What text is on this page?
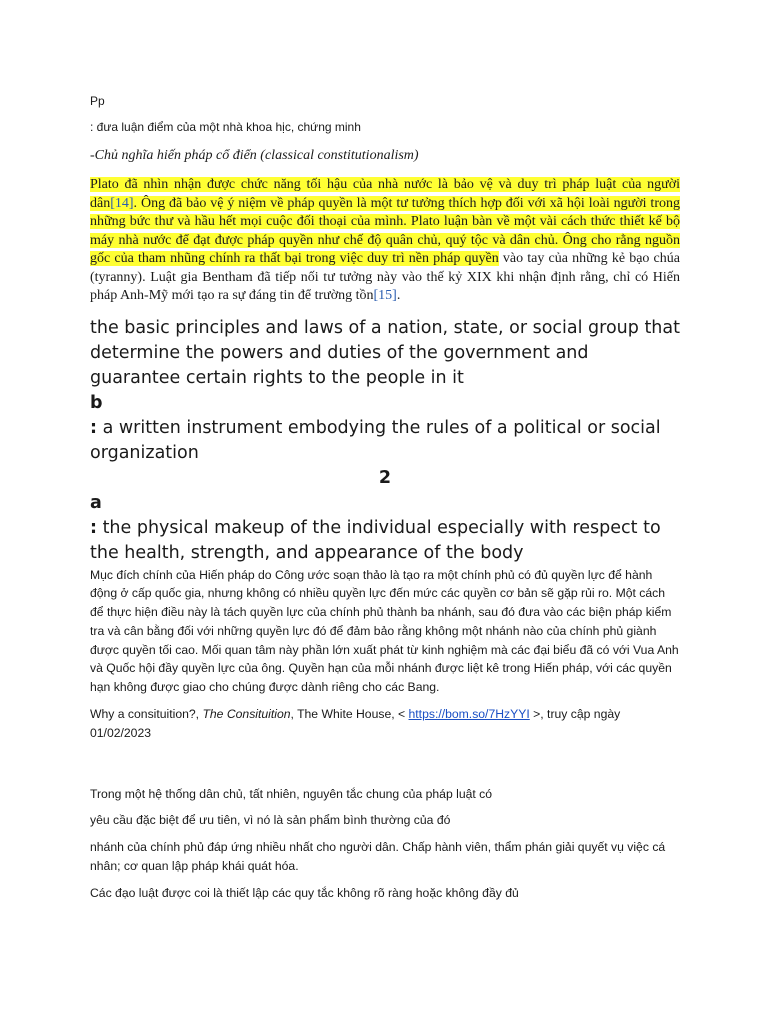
Pp

: đưa luận điểm của một nhà khoa hịc, chứng minh

-Chủ nghĩa hiến pháp cổ điển (classical constitutionalism)

Plato đã nhìn nhận được chức năng tối hậu của nhà nước là bảo vệ và duy trì pháp luật của người dân[14]. Ông đã bảo vệ ý niệm về pháp quyền là một tư tưởng thích hợp đối với xã hội loài người trong những bức thư và hầu hết mọi cuộc đối thoại của mình. Plato luận bàn về một vài cách thức thiết kế bộ máy nhà nước để đạt được pháp quyền như chế độ quân chủ, quý tộc và dân chủ. Ông cho rằng nguồn gốc của tham nhũng chính ra thất bại trong việc duy trì nền pháp quyền vào tay của những kẻ bạo chúa (tyranny). Luật gia Bentham đã tiếp nối tư tưởng này vào thế kỷ XIX khi nhận định rằng, chỉ có Hiến pháp Anh-Mỹ mới tạo ra sự đáng tin để trường tồn[15].

the basic principles and laws of a nation, state, or social group that determine the powers and duties of the government and guarantee certain rights to the people in it

b

: a written instrument embodying the rules of a political or social organization

2

a

: the physical makeup of the individual especially with respect to the health, strength, and appearance of the body

Mục đích chính của Hiến pháp do Công ước soạn thảo là tạo ra một chính phủ có đủ quyền lực để hành động ở cấp quốc gia, nhưng không có nhiều quyền lực đến mức các quyền cơ bản sẽ gặp rủi ro. Một cách để thực hiện điều này là tách quyền lực của chính phủ thành ba nhánh, sau đó đưa vào các biện pháp kiểm tra và cân bằng đối với những quyền lực đó để đảm bảo rằng không một nhánh nào của chính phủ giành được quyền tối cao. Mối quan tâm này phần lớn xuất phát từ kinh nghiệm mà các đại biểu đã có với Vua Anh và Quốc hội đầy quyền lực của ông. Quyền hạn của mỗi nhánh được liệt kê trong Hiến pháp, với các quyền hạn không được giao cho chúng được dành riêng cho các Bang.

Why a consituition?, The Consituition, The White House, < https://bom.so/7HzYYI >, truy cập ngày 01/02/2023

Trong một hệ thống dân chủ, tất nhiên, nguyên tắc chung của pháp luật có

yêu cầu đặc biệt để ưu tiên, vì nó là sản phẩm bình thường của đó

nhánh của chính phủ đáp ứng nhiều nhất cho người dân. Chấp hành viên, thẩm phán giải quyết vụ việc cá nhân; cơ quan lập pháp khái quát hóa.

Các đạo luật được coi là thiết lập các quy tắc không rõ ràng hoặc không đầy đủ
